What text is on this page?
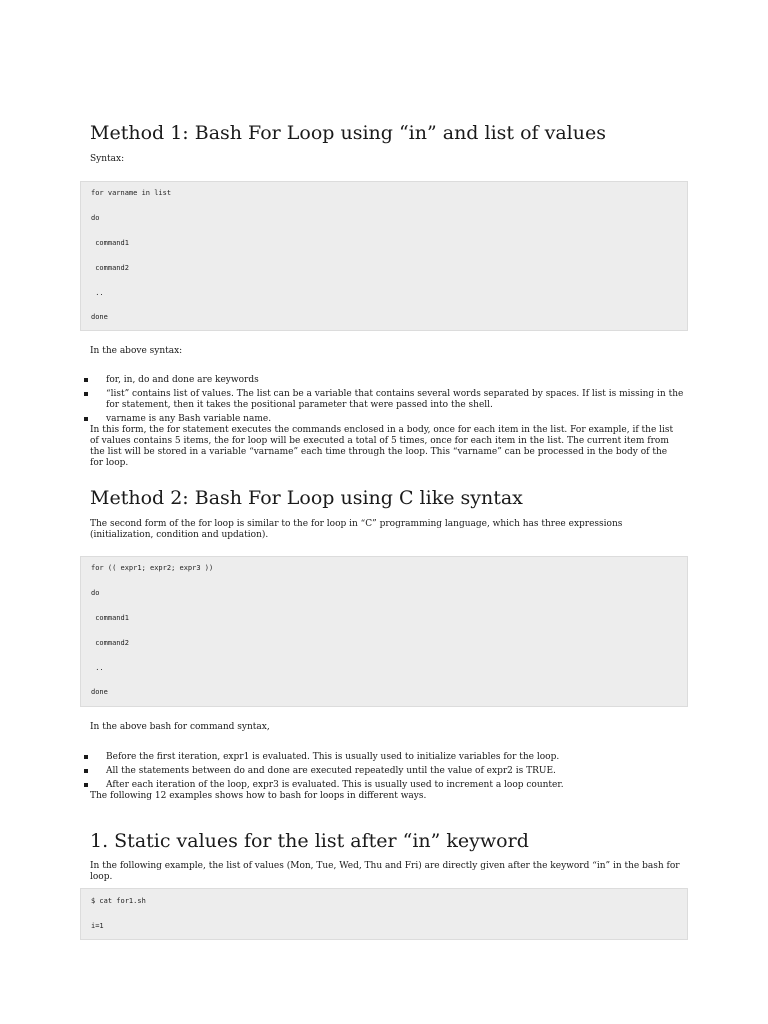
Method 1: Bash For Loop using “in” and list of values

Syntax:

for varname in list

do

command1

command2

..

done

In the above syntax:

for, in, do and done are keywords
“list” contains list of values. The list can be a variable that contains several words separated by spaces. If list is missing in the for statement, then it takes the positional parameter that were passed into the shell.
varname is any Bash variable name.

In this form, the for statement executes the commands enclosed in a body, once for each item in the list. For example, if the list of values contains 5 items, the for loop will be executed a total of 5 times, once for each item in the list. The current item from the list will be stored in a variable “varname” each time through the loop. This “varname” can be processed in the body of the for loop.

Method 2: Bash For Loop using C like syntax

The second form of the for loop is similar to the for loop in “C” programming language, which has three expressions (initialization, condition and updation).

for (( expr1; expr2; expr3 ))

do

command1

command2

..

done

In the above bash for command syntax,

Before the first iteration, expr1 is evaluated. This is usually used to initialize variables for the loop.
All the statements between do and done are executed repeatedly until the value of expr2 is TRUE.
After each iteration of the loop, expr3 is evaluated. This is usually used to increment a loop counter.

The following 12 examples shows how to bash for loops in different ways.

1. Static values for the list after “in” keyword

In the following example, the list of values (Mon, Tue, Wed, Thu and Fri) are directly given after the keyword “in” in the bash for loop.

$ cat for1.sh

i=1
